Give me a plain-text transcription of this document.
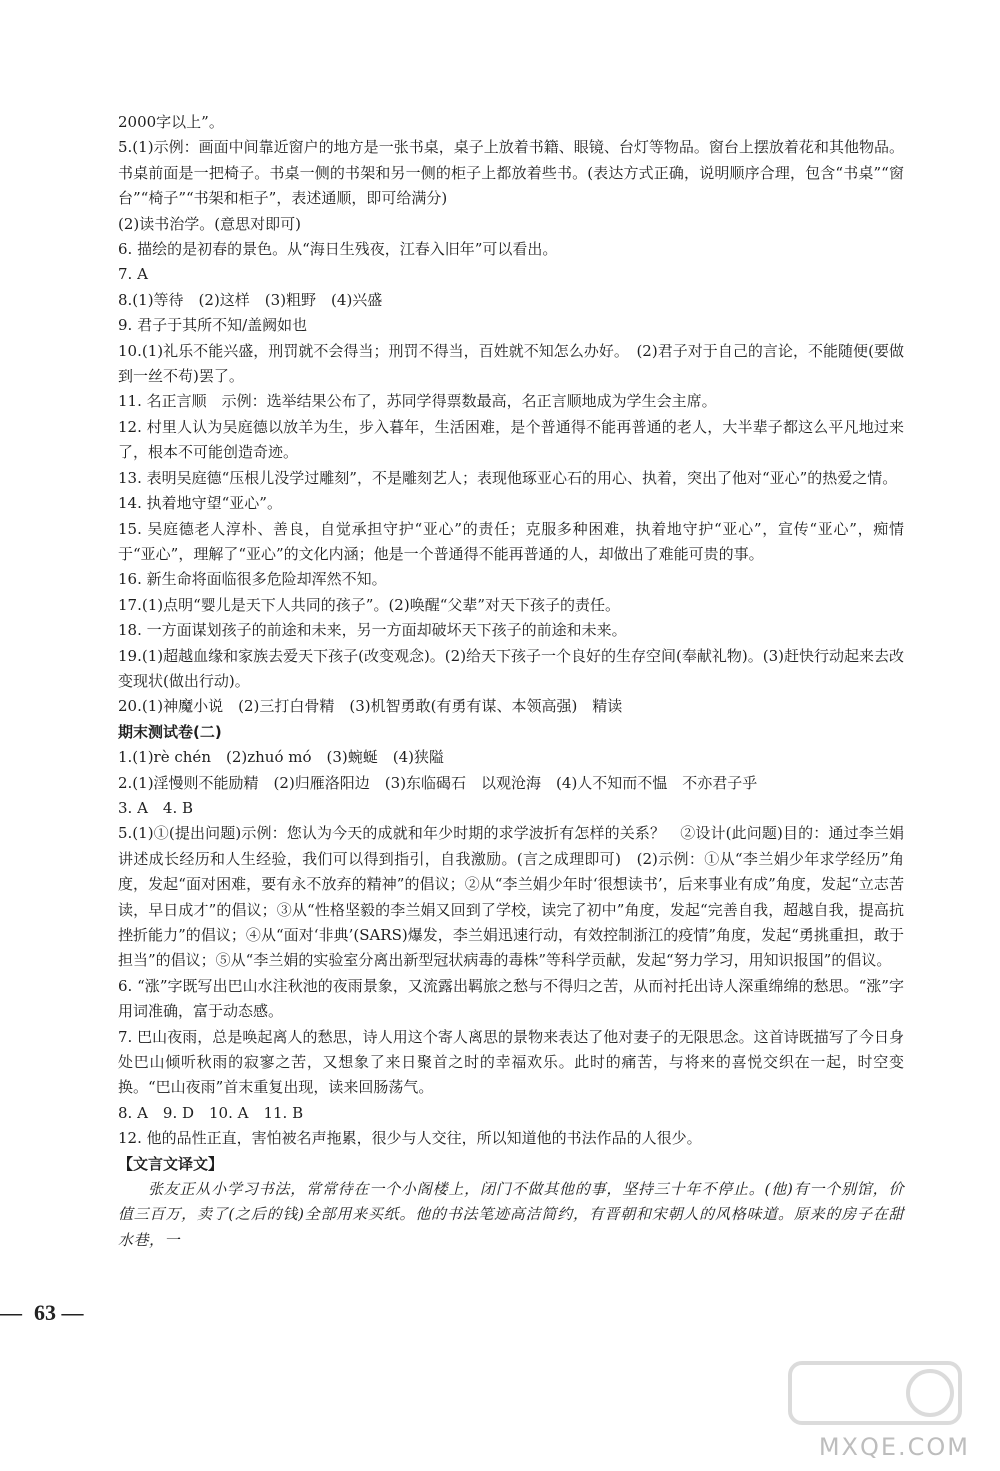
2000字以上”。

5.(1)示例：画面中间靠近窗户的地方是一张书桌，桌子上放着书籍、眼镜、台灯等物品。窗台上摆放着花和其他物品。书桌前面是一把椅子。书桌一侧的书架和另一侧的柜子上都放着些书。(表达方式正确，说明顺序合理，包含“书桌”“窗台”“椅子”“书架和柜子”，表述通顺，即可给满分)

(2)读书治学。(意思对即可)

6. 描绘的是初春的景色。从“海日生残夜，江春入旧年”可以看出。

7. A

8.(1)等待　(2)这样　(3)粗野　(4)兴盛

9. 君子于其所不知/盖阙如也

10.(1)礼乐不能兴盛，刑罚就不会得当；刑罚不得当，百姓就不知怎么办好。　(2)君子对于自己的言论，不能随便(要做到一丝不苟)罢了。

11. 名正言顺　示例：选举结果公布了，苏同学得票数最高，名正言顺地成为学生会主席。

12. 村里人认为吴庭德以放羊为生，步入暮年，生活困难，是个普通得不能再普通的老人，大半辈子都这么平凡地过来了，根本不可能创造奇迹。

13. 表明吴庭德“压根儿没学过雕刻”，不是雕刻艺人；表现他琢亚心石的用心、执着，突出了他对“亚心”的热爱之情。

14. 执着地守望“亚心”。

15. 吴庭德老人淳朴、善良，自觉承担守护“亚心”的责任；克服多种困难，执着地守护“亚心”，宣传“亚心”，痴情于“亚心”，理解了“亚心”的文化内涵；他是一个普通得不能再普通的人，却做出了难能可贵的事。

16. 新生命将面临很多危险却浑然不知。

17.(1)点明“婴儿是天下人共同的孩子”。(2)唤醒“父辈”对天下孩子的责任。

18. 一方面谋划孩子的前途和未来，另一方面却破坏天下孩子的前途和未来。

19.(1)超越血缘和家族去爱天下孩子(改变观念)。(2)给天下孩子一个良好的生存空间(奉献礼物)。(3)赶快行动起来去改变现状(做出行动)。

20.(1)神魔小说　(2)三打白骨精　(3)机智勇敢(有勇有谋、本领高强)　精读

期末测试卷(二)

1.(1)rè chén　(2)zhuó mó　(3)蜿蜒　(4)狭隘

2.(1)淫慢则不能励精　(2)归雁洛阳边　(3)东临碣石　以观沧海　(4)人不知而不愠　不亦君子乎

3. A　4. B

5.(1)①(提出问题)示例：您认为今天的成就和年少时期的求学波折有怎样的关系？　②设计(此问题)目的：通过李兰娟讲述成长经历和人生经验，我们可以得到指引，自我激励。(言之成理即可)　(2)示例：①从“李兰娟少年求学经历”角度，发起“面对困难，要有永不放弃的精神”的倡议；②从“李兰娟少年时‘很想读书’，后来事业有成”角度，发起“立志苦读，早日成才”的倡议；③从“性格坚毅的李兰娟又回到了学校，读完了初中”角度，发起“完善自我，超越自我，提高抗挫折能力”的倡议；④从“面对‘非典’(SARS)爆发，李兰娟迅速行动，有效控制浙江的疫情”角度，发起“勇挑重担，敢于担当”的倡议；⑤从“李兰娟的实验室分离出新型冠状病毒的毒株”等科学贡献，发起“努力学习，用知识报国”的倡议。

6. “涨”字既写出巴山水注秋池的夜雨景象，又流露出羁旅之愁与不得归之苦，从而衬托出诗人深重绵绵的愁思。“涨”字用词准确，富于动态感。

7. 巴山夜雨，总是唤起离人的愁思，诗人用这个寄人离思的景物来表达了他对妻子的无限思念。这首诗既描写了今日身处巴山倾听秋雨的寂寥之苦，又想象了来日聚首之时的幸福欢乐。此时的痛苦，与将来的喜悦交织在一起，时空变换。“巴山夜雨”首末重复出现，读来回肠荡气。

8. A　9. D　10. A　11. B

12. 他的品性正直，害怕被名声拖累，很少与人交往，所以知道他的书法作品的人很少。

【文言文译文】

张友正从小学习书法，常常待在一个小阁楼上，闭门不做其他的事，坚持三十年不停止。(他)有一个别馆，价值三百万，卖了(之后的钱)全部用来买纸。他的书法笔迹高洁简约，有晋朝和宋朝人的风格味道。原来的房子在甜水巷，一

— 63 —
MXQE.COM
